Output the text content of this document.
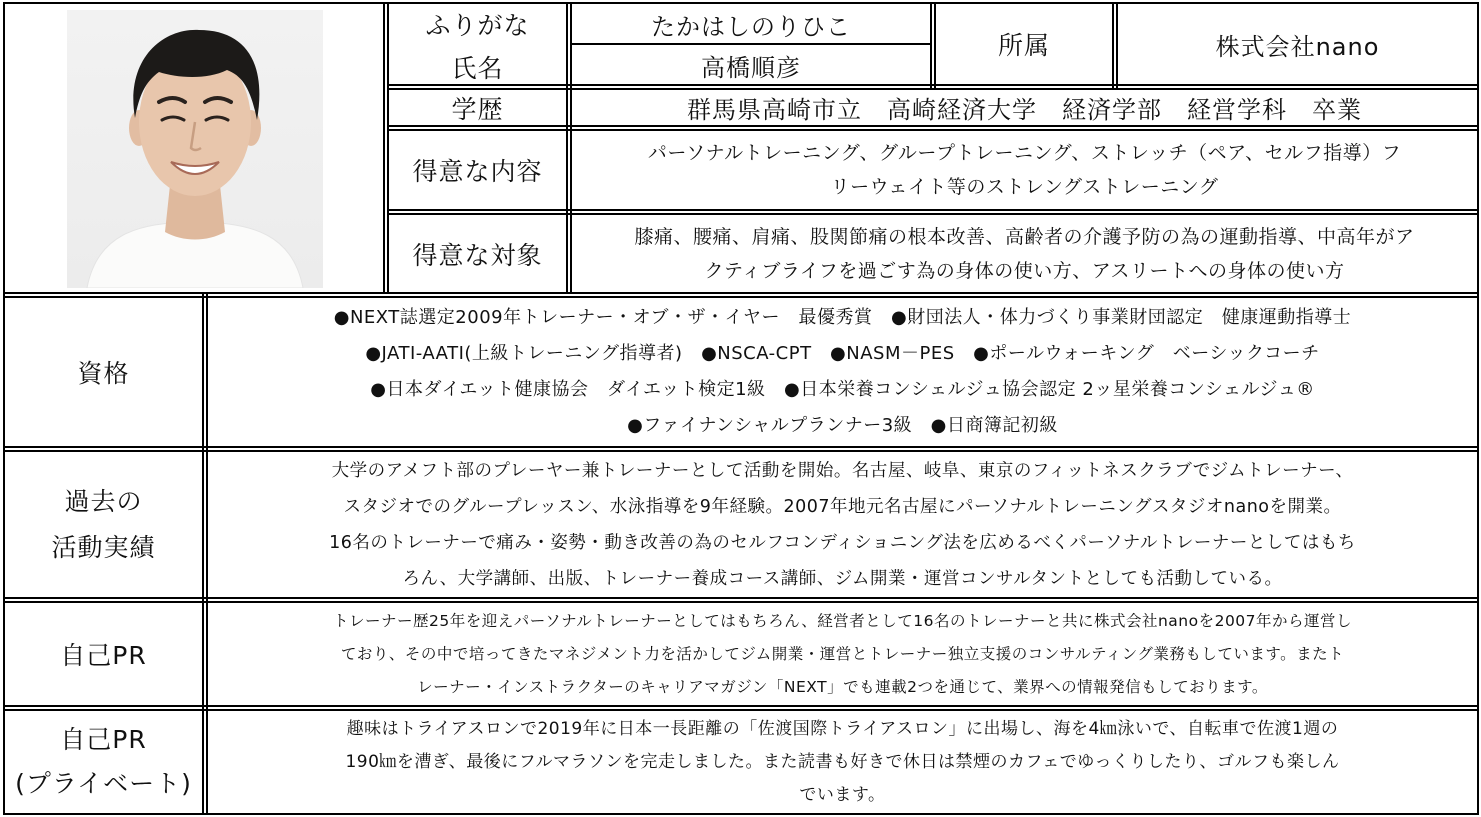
ふりがな
氏名
たかはしのりひこ
高橋順彦
所属	株式会社nano
学歴	群馬県高崎市立　高崎経済大学　経済学部　経営学科　卒業
得意な内容
パーソナルトレーニング、グループトレーニング、ストレッチ（ペア、セルフ指導）フ
リーウェイト等のストレングストレーニング
得意な対象
膝痛、腰痛、肩痛、股関節痛の根本改善、高齢者の介護予防の為の運動指導、中高年がア
クティブライフを過ごす為の身体の使い方、アスリートへの身体の使い方
資格
●NEXT誌選定2009年トレーナー・オブ・ザ・イヤー　最優秀賞　●財団法人・体力づくり事業財団認定　健康運動指導士
●JATI-AATI(上級トレーニング指導者)　●NSCA-CPT　●NASM－PES　●ポールウォーキング　ベーシックコーチ
●日本ダイエット健康協会　ダイエット検定1級　●日本栄養コンシェルジュ協会認定 2ッ星栄養コンシェルジュ®
●ファイナンシャルプランナー3級　●日商簿記初級
過去の
活動実績
大学のアメフト部のプレーヤー兼トレーナーとして活動を開始。名古屋、岐阜、東京のフィットネスクラブでジムトレーナー、
スタジオでのグループレッスン、水泳指導を9年経験。2007年地元名古屋にパーソナルトレーニングスタジオnanoを開業。
16名のトレーナーで痛み・姿勢・動き改善の為のセルフコンディショニング法を広めるべくパーソナルトレーナーとしてはもち
ろん、大学講師、出版、トレーナー養成コース講師、ジム開業・運営コンサルタントとしても活動している。
自己PR
トレーナー歴25年を迎えパーソナルトレーナーとしてはもちろん、経営者として16名のトレーナーと共に株式会社nanoを2007年から運営し
ており、その中で培ってきたマネジメント力を活かしてジム開業・運営とトレーナー独立支援のコンサルティング業務もしています。またト
レーナー・インストラクターのキャリアマガジン「NEXT」でも連載2つを通じて、業界への情報発信もしております。
自己PR
(プライベート)
趣味はトライアスロンで2019年に日本一長距離の「佐渡国際トライアスロン」に出場し、海を4㎞泳いで、自転車で佐渡1週の
190㎞を漕ぎ、最後にフルマラソンを完走しました。また読書も好きで休日は禁煙のカフェでゆっくりしたり、ゴルフも楽しん
でいます。
